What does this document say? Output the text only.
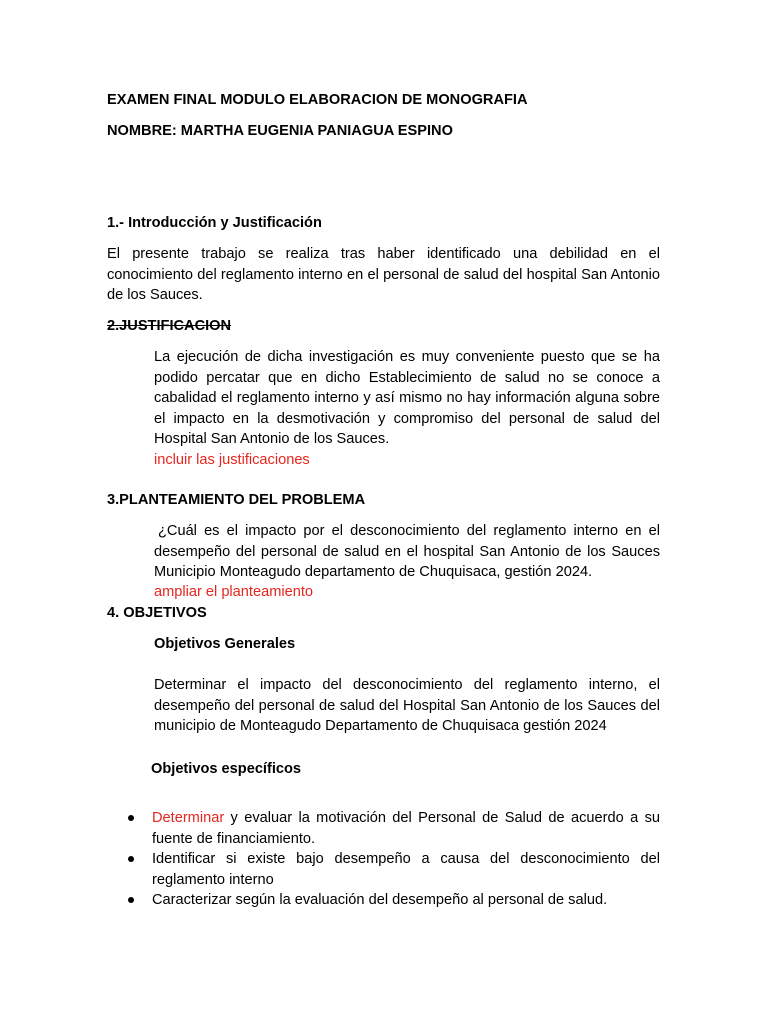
EXAMEN FINAL MODULO ELABORACION DE MONOGRAFIA
NOMBRE: MARTHA EUGENIA PANIAGUA ESPINO
1.- Introducción y Justificación
El presente trabajo se realiza tras haber identificado una debilidad en el conocimiento del reglamento interno en el personal de salud del hospital San Antonio de los Sauces.
2.JUSTIFICACION
La ejecución de dicha investigación es muy conveniente puesto que se ha podido percatar que en dicho Establecimiento de salud no se conoce a cabalidad el reglamento interno y así mismo no hay información alguna sobre el impacto en la desmotivación y compromiso del personal de salud del Hospital San Antonio de los Sauces.
incluir las justificaciones
3.PLANTEAMIENTO DEL PROBLEMA
¿Cuál es el impacto por el desconocimiento del reglamento interno en el desempeño del personal de salud en el hospital San Antonio de los Sauces Municipio Monteagudo departamento de Chuquisaca, gestión 2024.
ampliar el planteamiento
4. OBJETIVOS
Objetivos Generales
Determinar el impacto del desconocimiento del reglamento interno, el desempeño del personal de salud del Hospital San Antonio de los Sauces del municipio de Monteagudo Departamento de Chuquisaca gestión 2024
Objetivos específicos
Determinar y evaluar la motivación del Personal de Salud de acuerdo a su fuente de financiamiento.
Identificar si existe bajo desempeño a causa del desconocimiento del reglamento interno
Caracterizar según la evaluación del desempeño al personal de salud.
